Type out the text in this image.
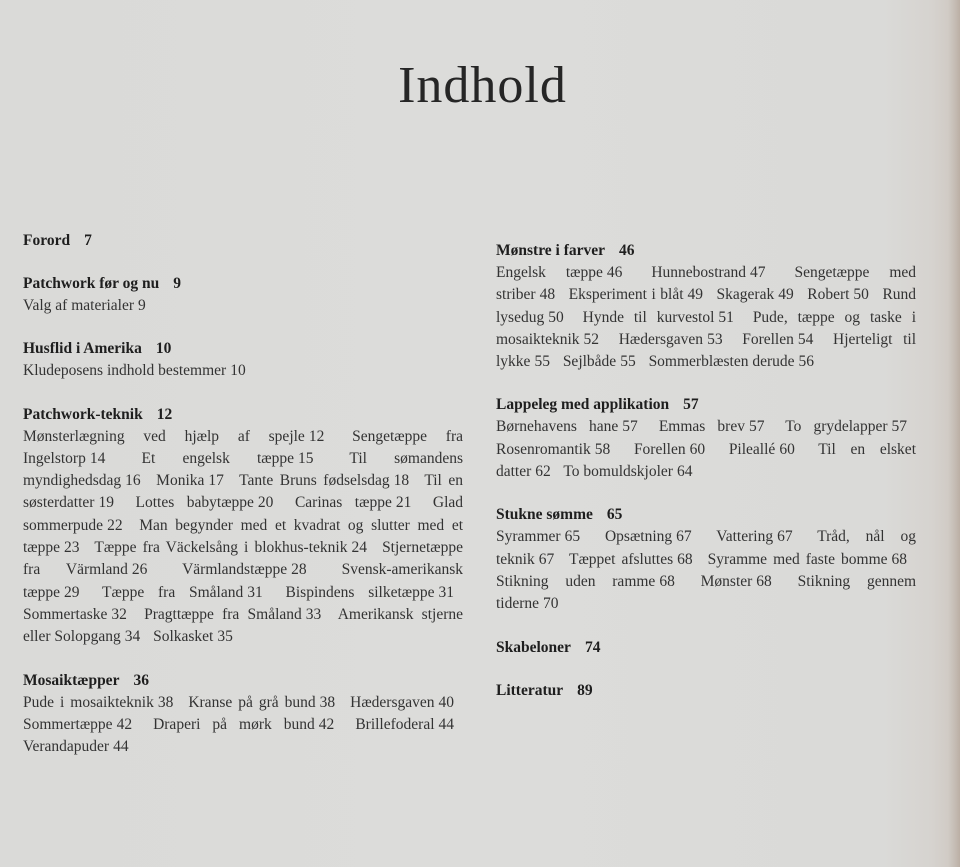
Indhold

Forord 7

Patchwork før og nu 9

Valg af materialer 9

Husflid i Amerika 10

Kludeposens indhold bestemmer 10

Patchwork-teknik 12

Mønsterlægning ved hjælp af spejle 12 Sengetæppe fra Ingelstorp 14 Et engelsk tæppe 15 Til sømandens myndighedsdag 16 Monika 17 Tante Bruns fødselsdag 18 Til en søsterdatter 19 Lottes babytæppe 20 Carinas tæppe 21 Glad sommerpude 22 Man begynder med et kvadrat og slutter med et tæppe 23 Tæppe fra Väckelsång i blokhus-teknik 24 Stjernetæppe fra Värmland 26 Värmlandstæppe 28 Svensk-amerikansk tæppe 29 Tæppe fra Småland 31 Bispindens silketæppe 31 Sommertaske 32 Pragttæppe fra Småland 33 Amerikansk stjerne eller Solopgang 34 Solkasket 35

Mosaiktæpper 36

Pude i mosaikteknik 38 Kranse på grå bund 38 Hædersgaven 40 Sommertæppe 42 Draperi på mørk bund 42 Brillefoderal 44 Verandapuder 44

Mønstre i farver 46

Engelsk tæppe 46 Hunnebostrand 47 Sengetæppe med striber 48 Eksperiment i blåt 49 Skagerak 49 Robert 50 Rund lysedug 50 Hynde til kurvestol 51 Pude, tæppe og taske i mosaikteknik 52 Hædersgaven 53 Forellen 54 Hjerteligt til lykke 55 Sejlbåde 55 Sommerblæsten derude 56

Lappeleg med applikation 57

Børnehavens hane 57 Emmas brev 57 To grydelapper 57 Rosenromantik 58 Forellen 60 Pileallé 60 Til en elsket datter 62 To bomuldskjoler 64

Stukne sømme 65

Syrammer 65 Opsætning 67 Vattering 67 Tråd, nål og teknik 67 Tæppet afsluttes 68 Syramme med faste bomme 68 Stikning uden ramme 68 Mønster 68 Stikning gennem tiderne 70

Skabeloner 74

Litteratur 89
